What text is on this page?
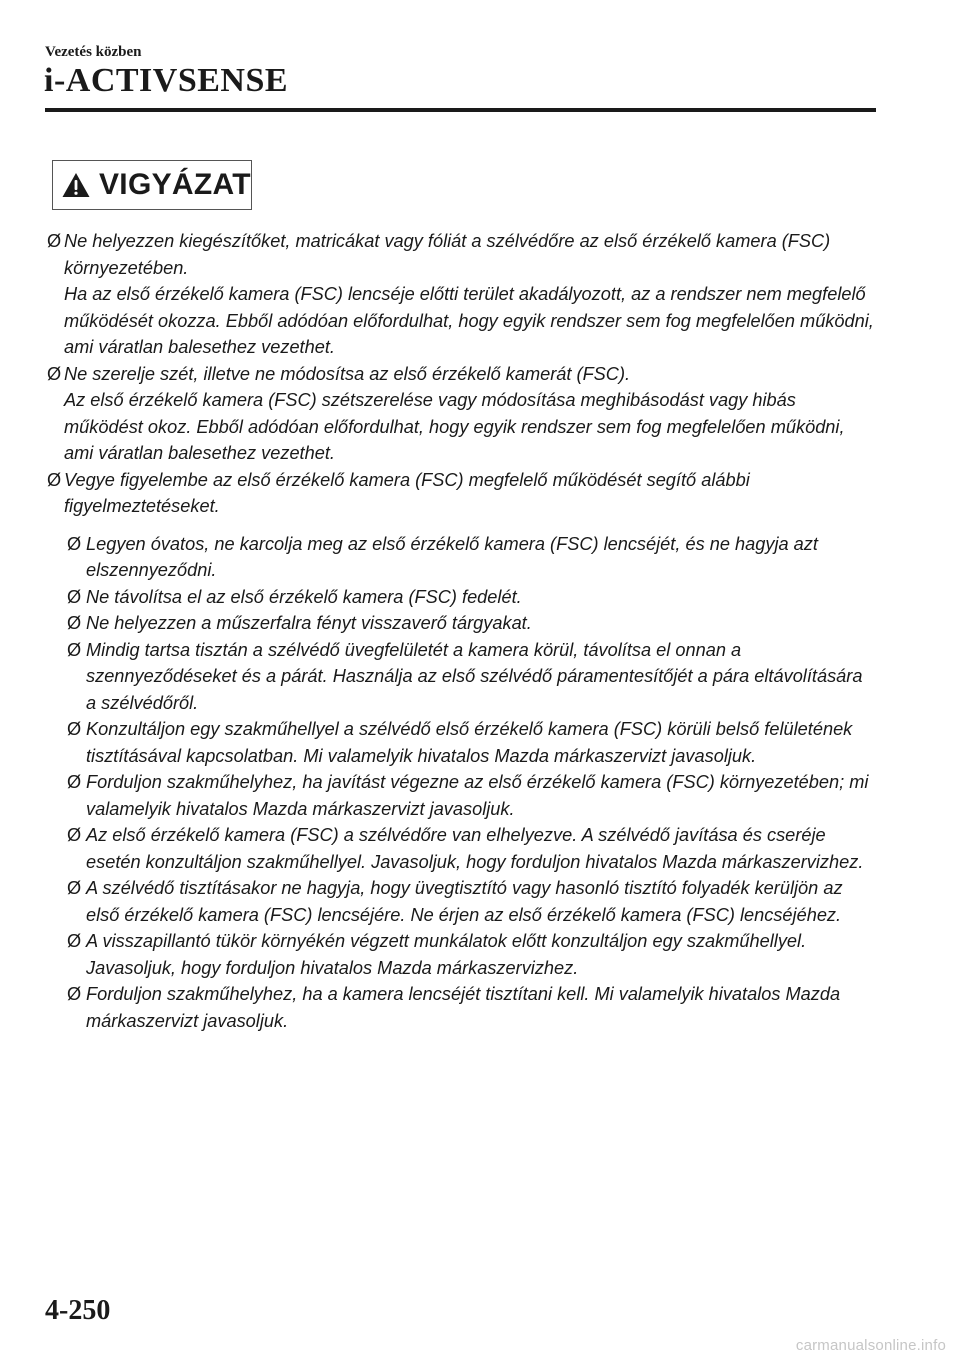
Vezetés közben
i-ACTIVSENSE
VIGYÁZAT
Ø Ne helyezzen kiegészítőket, matricákat vagy fóliát a szélvédőre az első érzékelő kamera (FSC) környezetében.

Ha az első érzékelő kamera (FSC) lencséje előtti terület akadályozott, az a rendszer nem megfelelő működését okozza. Ebből adódóan előfordulhat, hogy egyik rendszer sem fog megfelelően működni, ami váratlan balesethez vezethet.

Ø Ne szerelje szét, illetve ne módosítsa az első érzékelő kamerát (FSC).

Az első érzékelő kamera (FSC) szétszerelése vagy módosítása meghibásodást vagy hibás működést okoz. Ebből adódóan előfordulhat, hogy egyik rendszer sem fog megfelelően működni, ami váratlan balesethez vezethet.

Ø Vegye figyelembe az első érzékelő kamera (FSC) megfelelő működését segítő alábbi figyelmeztetéseket.

Ø Legyen óvatos, ne karcolja meg az első érzékelő kamera (FSC) lencséjét, és ne hagyja azt elszennyeződni.

Ø Ne távolítsa el az első érzékelő kamera (FSC) fedelét.

Ø Ne helyezzen a műszerfalra fényt visszaverő tárgyakat.

Ø Mindig tartsa tisztán a szélvédő üvegfelületét a kamera körül, távolítsa el onnan a szennyeződéseket és a párát. Használja az első szélvédő páramentesítőjét a pára eltávolítására a szélvédőről.

Ø Konzultáljon egy szakműhellyel a szélvédő első érzékelő kamera (FSC) körüli belső felületének tisztításával kapcsolatban. Mi valamelyik hivatalos Mazda márkaszervizt javasoljuk.

Ø Forduljon szakműhelyhez, ha javítást végezne az első érzékelő kamera (FSC) környezetében; mi valamelyik hivatalos Mazda márkaszervizt javasoljuk.

Ø Az első érzékelő kamera (FSC) a szélvédőre van elhelyezve. A szélvédő javítása és cseréje esetén konzultáljon szakműhellyel. Javasoljuk, hogy forduljon hivatalos Mazda márkaszervizhez.

Ø A szélvédő tisztításakor ne hagyja, hogy üvegtisztító vagy hasonló tisztító folyadék kerüljön az első érzékelő kamera (FSC) lencséjére. Ne érjen az első érzékelő kamera (FSC) lencséjéhez.

Ø A visszapillantó tükör környékén végzett munkálatok előtt konzultáljon egy szakműhellyel. Javasoljuk, hogy forduljon hivatalos Mazda márkaszervizhez.

Ø Forduljon szakműhelyhez, ha a kamera lencséjét tisztítani kell. Mi valamelyik hivatalos Mazda márkaszervizt javasoljuk.

4-250
carmanualsonline.info
